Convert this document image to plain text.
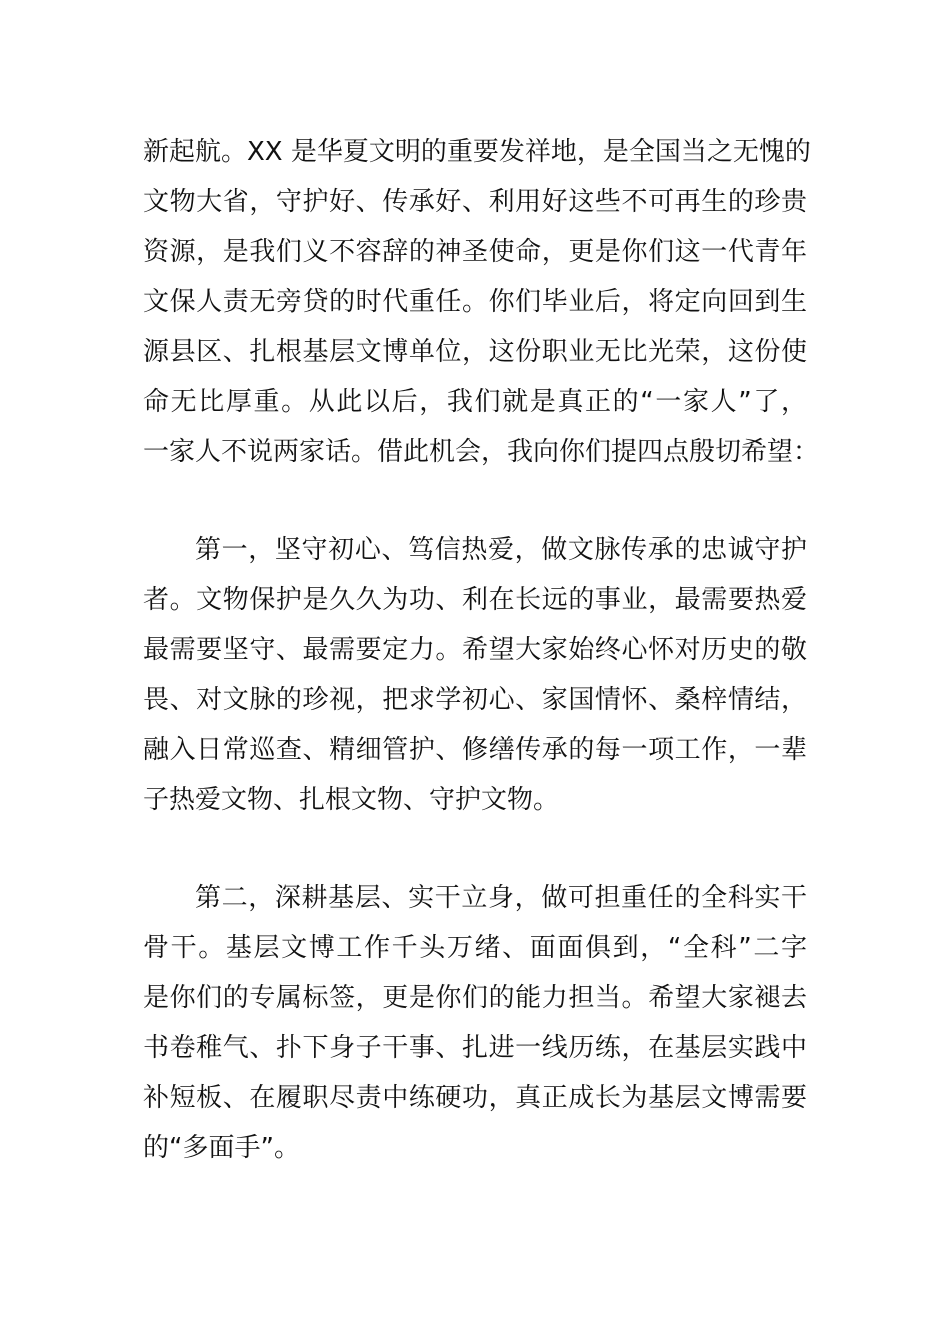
新起航。XX 是华夏文明的重要发祥地，是全国当之无愧的
文物大省，守护好、传承好、利用好这些不可再生的珍贵
资源，是我们义不容辞的神圣使命，更是你们这一代青年
文保人责无旁贷的时代重任。你们毕业后，将定向回到生
源县区、扎根基层文博单位，这份职业无比光荣，这份使
命无比厚重。从此以后，我们就是真正的“一家人”了，
一家人不说两家话。借此机会，我向你们提四点殷切希望：
第一，坚守初心、笃信热爱，做文脉传承的忠诚守护
者。文物保护是久久为功、利在长远的事业，最需要热爱
最需要坚守、最需要定力。希望大家始终心怀对历史的敬
畏、对文脉的珍视，把求学初心、家国情怀、桑梓情结，
融入日常巡查、精细管护、修缮传承的每一项工作，一辈
子热爱文物、扎根文物、守护文物。
第二，深耕基层、实干立身，做可担重任的全科实干
骨干。基层文博工作千头万绪、面面俱到，“全科”二字
是你们的专属标签，更是你们的能力担当。希望大家褪去
书卷稚气、扑下身子干事、扎进一线历练，在基层实践中
补短板、在履职尽责中练硬功，真正成长为基层文博需要
的“多面手”。
